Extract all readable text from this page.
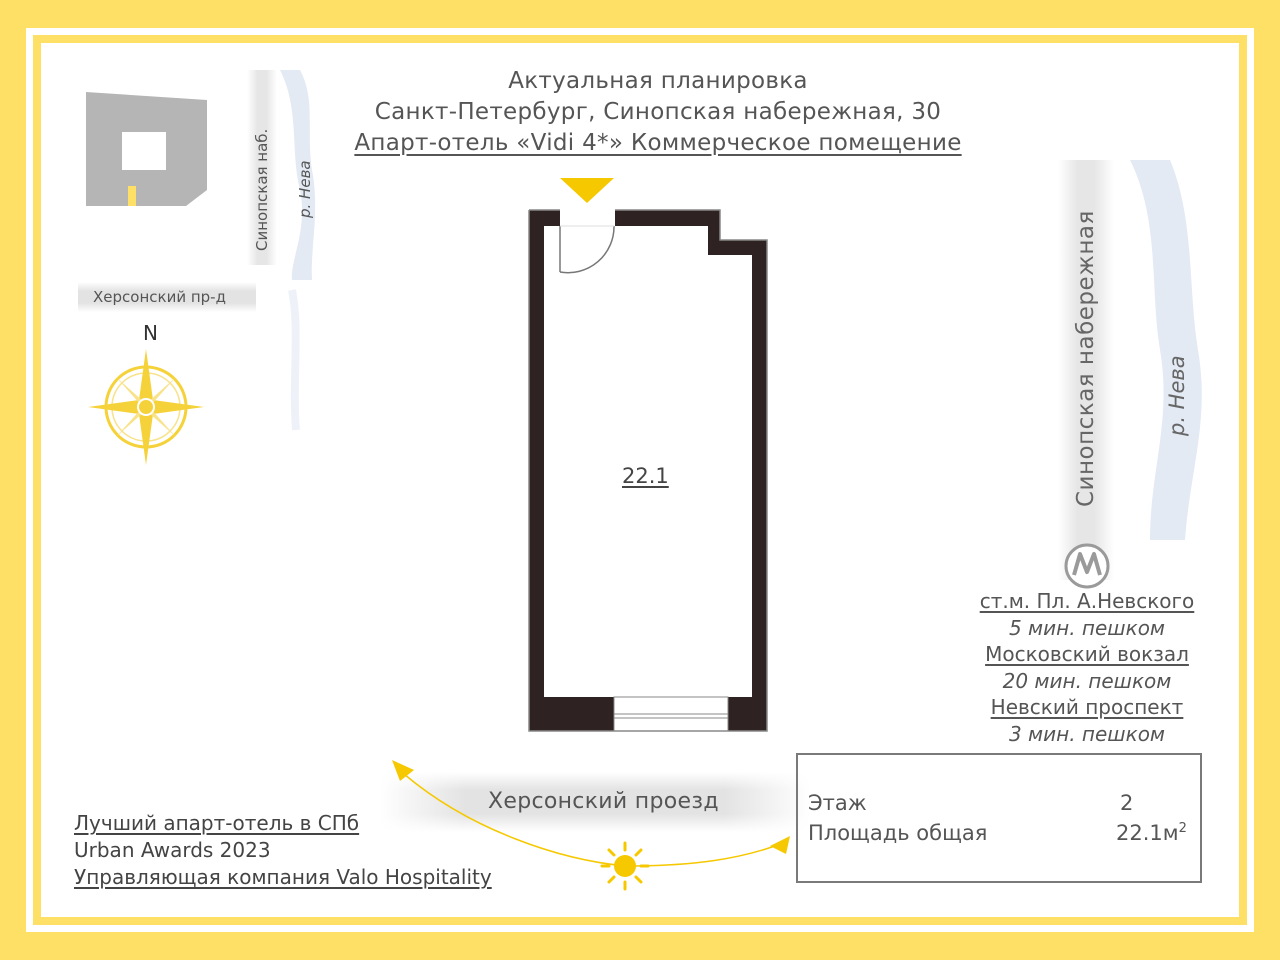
Актуальная планировка
Санкт-Петербург, Синопская набережная, 30
Апарт-отель «Vidi 4*» Коммерческое помещение
Синопская наб. р. Нева
Херсонский пр-д
N
22.1	Синопская набережная	р. Нева
ст.м. Пл. А.Невского
5 мин. пешком
Московский вокзал
20 мин. пешком
Невский проспект
3 мин. пешком
Херсонский проезд	Этаж	2
Площадь общая	$22.1м^2$
Лучший апарт-отель в СПб
Urban Awards 2023
Управляющая компания Valo Hospitality
